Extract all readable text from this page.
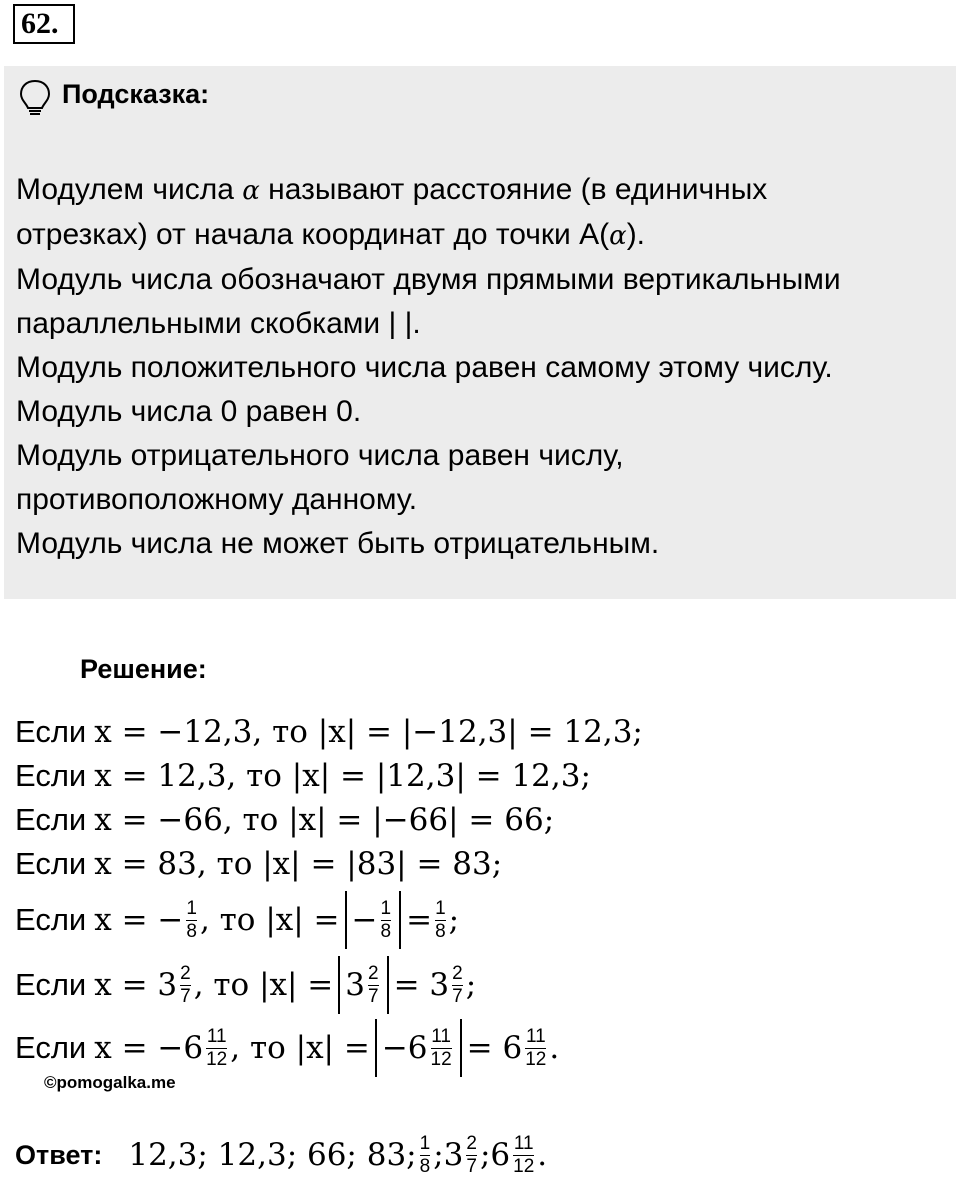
62.
Подсказка:
Модулем числа α называют расстояние (в единичных
отрезках) от начала координат до точки А(α).
Модуль числа обозначают двумя прямыми вертикальными
параллельными скобками | |.
Модуль положительного числа равен самому этому числу.
Модуль числа 0 равен 0.
Модуль отрицательного числа равен числу,
противоположному данному.
Модуль числа не может быть отрицательным.
Решение:
Если x = −12,3, то |x| = |−12,3| = 12,3;
Если x = 12,3, то |x| = |12,3| = 12,3;
Если x = −66, то |x| = |−66| = 66;
Если x = 83, то |x| = |83| = 83;
Если x = − $\frac{1}{8}$ , то |x| = − $\frac{1}{8} = \frac{1}{8}$ ;
Если $x = 3 \frac{2}{7}$ , то $|x| = 3 \frac{2}{7} = 3 \frac{2}{7}$ ;
Если $x = -6 \frac{11}{12}$ , то $|x| = -6 \frac{11}{12} = 6 \frac{11}{12}$ .
©pomogalka.me
Ответ: 12,3; 12,3; 66; 83; $\frac{1}{8}$ ; $3 \frac{2}{7}$ ; $6 \frac{11}{12}$ .
